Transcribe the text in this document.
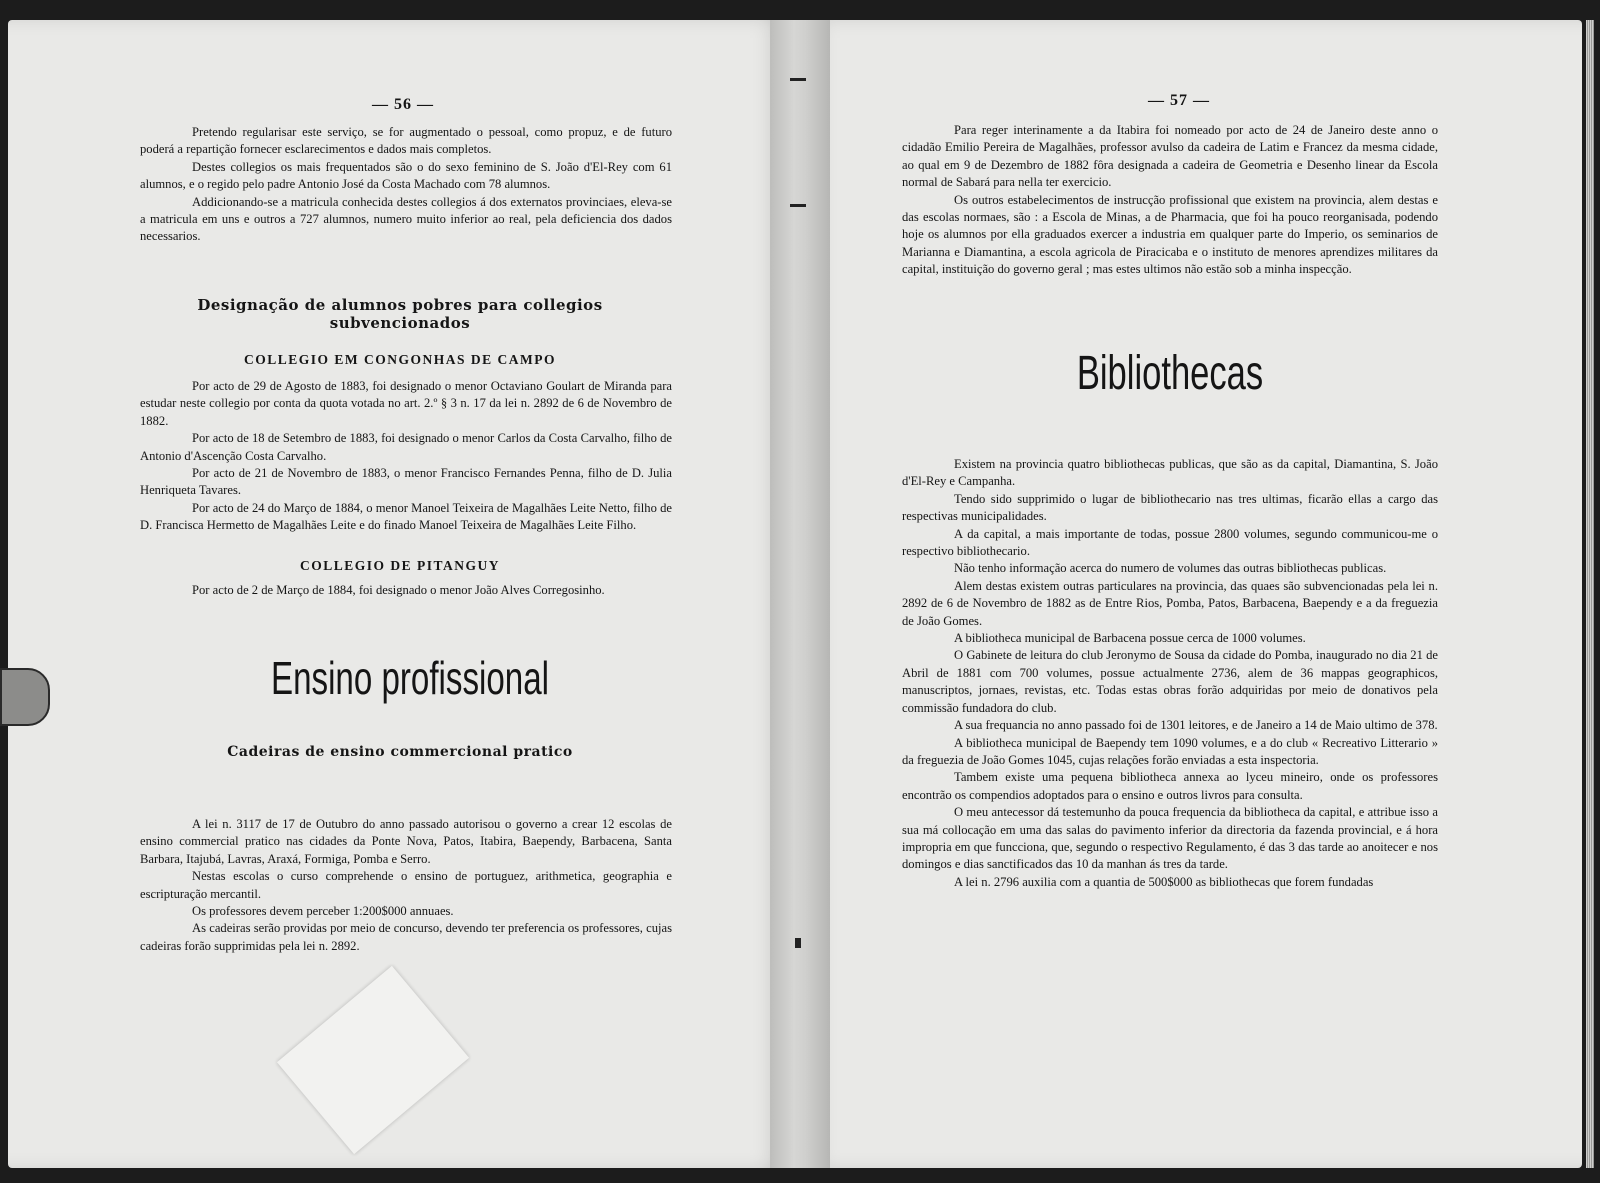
— 56 —

Pretendo regularisar este serviço, se for augmentado o pessoal, como propuz, e de futuro poderá a repartição fornecer esclarecimentos e dados mais completos.

Destes collegios os mais frequentados são o do sexo feminino de S. João d'El-Rey com 61 alumnos, e o regido pelo padre Antonio José da Costa Machado com 78 alumnos.

Addicionando-se a matricula conhecida destes collegios á dos externatos provinciaes, eleva-se a matricula em uns e outros a 727 alumnos, numero muito inferior ao real, pela deficiencia dos dados necessarios.

Designação de alumnos pobres para collegios subvencionados
COLLEGIO EM CONGONHAS DE CAMPO

Por acto de 29 de Agosto de 1883, foi designado o menor Octaviano Goulart de Miranda para estudar neste collegio por conta da quota votada no art. 2.º § 3 n. 17 da lei n. 2892 de 6 de Novembro de 1882.

Por acto de 18 de Setembro de 1883, foi designado o menor Carlos da Costa Carvalho, filho de Antonio d'Ascenção Costa Carvalho.

Por acto de 21 de Novembro de 1883, o menor Francisco Fernandes Penna, filho de D. Julia Henriqueta Tavares.

Por acto de 24 do Março de 1884, o menor Manoel Teixeira de Magalhães Leite Netto, filho de D. Francisca Hermetto de Magalhães Leite e do finado Manoel Teixeira de Magalhães Leite Filho.

COLLEGIO DE PITANGUY

Por acto de 2 de Março de 1884, foi designado o menor João Alves Corregosinho.

Ensino profissional
Cadeiras de ensino commercional pratico

A lei n. 3117 de 17 de Outubro do anno passado autorisou o governo a crear 12 escolas de ensino commercial pratico nas cidades da Ponte Nova, Patos, Itabira, Baependy, Barbacena, Santa Barbara, Itajubá, Lavras, Araxá, Formiga, Pomba e Serro.

Nestas escolas o curso comprehende o ensino de portuguez, arithmetica, geographia e escripturação mercantil.

Os professores devem perceber 1:200$000 annuaes.

As cadeiras serão providas por meio de concurso, devendo ter preferencia os professores, cujas cadeiras forão supprimidas pela lei n. 2892.

— 57 —

Para reger interinamente a da Itabira foi nomeado por acto de 24 de Janeiro deste anno o cidadão Emilio Pereira de Magalhães, professor avulso da cadeira de Latim e Francez da mesma cidade, ao qual em 9 de Dezembro de 1882 fôra designada a cadeira de Geometria e Desenho linear da Escola normal de Sabará para nella ter exercicio.

Os outros estabelecimentos de instrucção profissional que existem na provincia, alem destas e das escolas normaes, são : a Escola de Minas, a de Pharmacia, que foi ha pouco reorganisada, podendo hoje os alumnos por ella graduados exercer a industria em qualquer parte do Imperio, os seminarios de Marianna e Diamantina, a escola agricola de Piracicaba e o instituto de menores aprendizes militares da capital, instituição do governo geral ; mas estes ultimos não estão sob a minha inspecção.

Bibliothecas

Existem na provincia quatro bibliothecas publicas, que são as da capital, Diamantina, S. João d'El-Rey e Campanha.

Tendo sido supprimido o lugar de bibliothecario nas tres ultimas, ficarão ellas a cargo das respectivas municipalidades.

A da capital, a mais importante de todas, possue 2800 volumes, segundo communicou-me o respectivo bibliothecario.

Não tenho informação acerca do numero de volumes das outras bibliothecas publicas.

Alem destas existem outras particulares na provincia, das quaes são subvencionadas pela lei n. 2892 de 6 de Novembro de 1882 as de Entre Rios, Pomba, Patos, Barbacena, Baependy e a da freguezia de João Gomes.

A bibliotheca municipal de Barbacena possue cerca de 1000 volumes.

O Gabinete de leitura do club Jeronymo de Sousa da cidade do Pomba, inaugurado no dia 21 de Abril de 1881 com 700 volumes, possue actualmente 2736, alem de 36 mappas geographicos, manuscriptos, jornaes, revistas, etc. Todas estas obras forão adquiridas por meio de donativos pela commissão fundadora do club.

A sua frequancia no anno passado foi de 1301 leitores, e de Janeiro a 14 de Maio ultimo de 378.

A bibliotheca municipal de Baependy tem 1090 volumes, e a do club « Recreativo Litterario » da freguezia de João Gomes 1045, cujas relações forão enviadas a esta inspectoria.

Tambem existe uma pequena bibliotheca annexa ao lyceu mineiro, onde os professores encontrão os compendios adoptados para o ensino e outros livros para consulta.

O meu antecessor dá testemunho da pouca frequencia da bibliotheca da capital, e attribue isso a sua má collocação em uma das salas do pavimento inferior da directoria da fazenda provincial, e á hora impropria em que funcciona, que, segundo o respectivo Regulamento, é das 3 das tarde ao anoitecer e nos domingos e dias sanctificados das 10 da manhan ás tres da tarde.

A lei n. 2796 auxilia com a quantia de 500$000 as bibliothecas que forem fundadas
